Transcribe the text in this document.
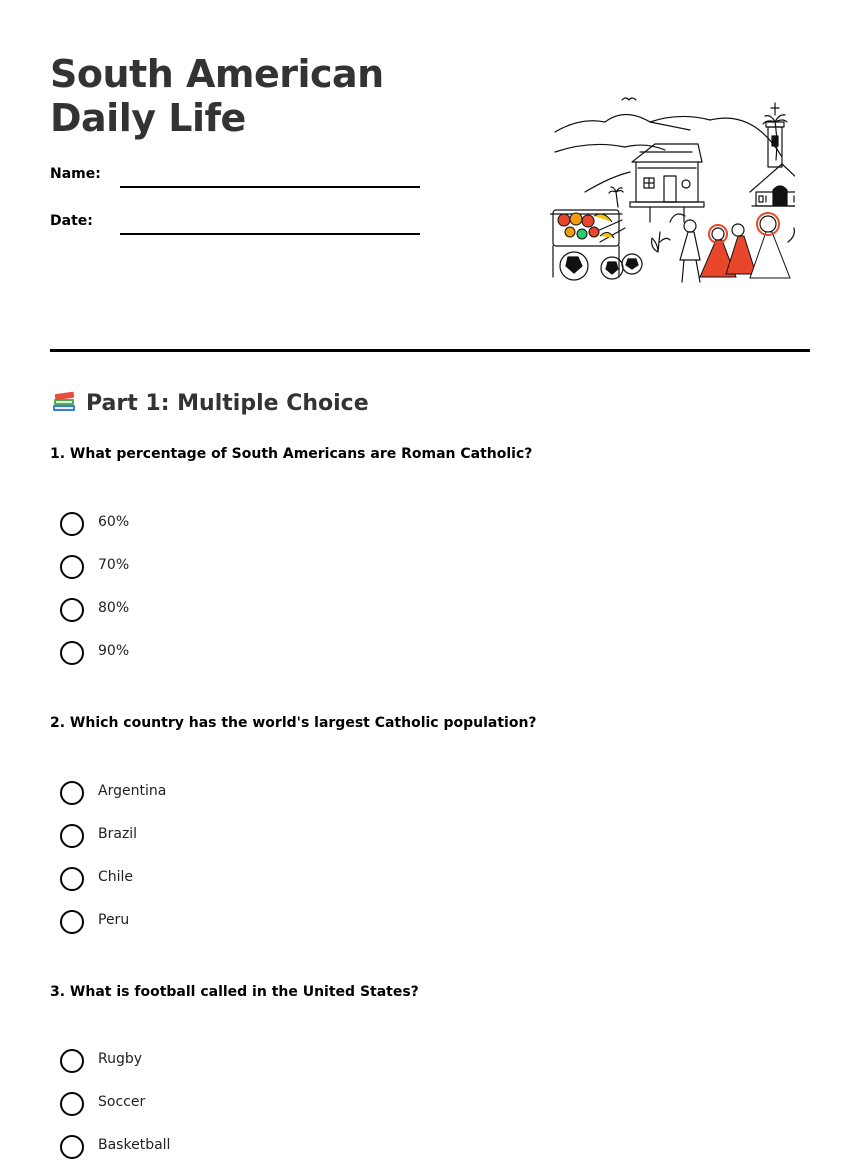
South American Daily Life
Name:
Date:
Part 1: Multiple Choice
1. What percentage of South Americans are Roman Catholic?
60%
70%
80%
90%
2. Which country has the world's largest Catholic population?
Argentina
Brazil
Chile
Peru
3. What is football called in the United States?
Rugby
Soccer
Basketball
